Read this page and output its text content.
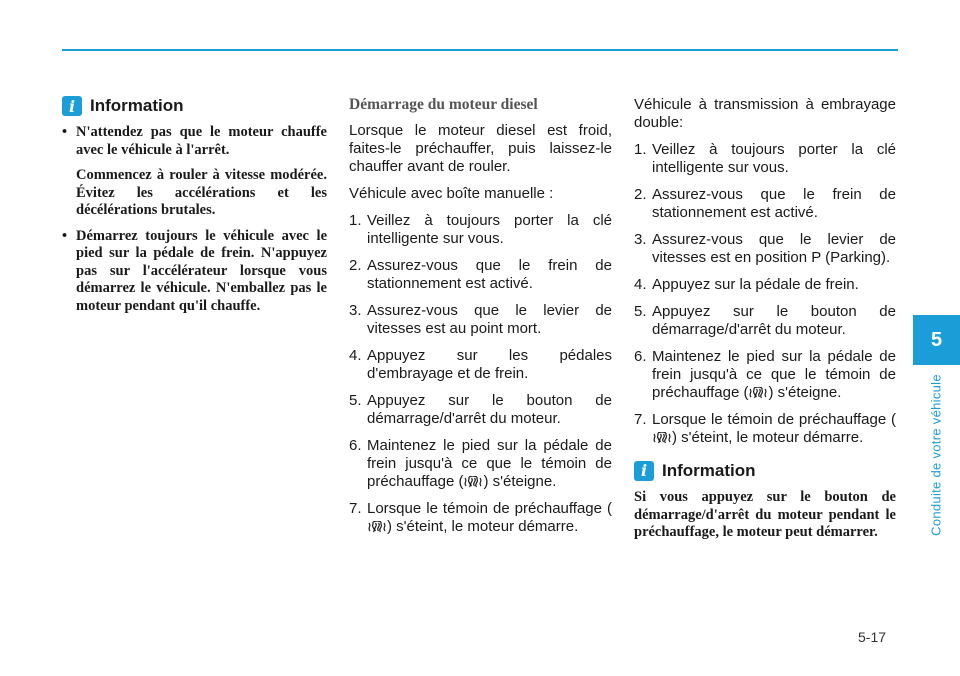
i Information
• N'attendez pas que le moteur chauffe avec le véhicule à l'arrêt.

Commencez à rouler à vitesse modérée. Évitez les accélérations et les décélérations brutales.

• Démarrez toujours le véhicule avec le pied sur la pédale de frein. N'appuyez pas sur l'accélérateur lorsque vous démarrez le véhicule. N'emballez pas le moteur pendant qu'il chauffe.

Démarrage du moteur diesel

Lorsque le moteur diesel est froid, faites-le préchauffer, puis laissez-le chauffer avant de rouler.

Véhicule avec boîte manuelle :

1. Veillez à toujours porter la clé intelligente sur vous.
2. Assurez-vous que le frein de stationnement est activé.
3. Assurez-vous que le levier de vitesses est au point mort.
4. Appuyez sur les pédales d'embrayage et de frein.
5. Appuyez sur le bouton de démarrage/d'arrêt du moteur.
6. Maintenez le pied sur la pédale de frein jusqu'à ce que le témoin de préchauffage ( ) s'éteigne.
7. Lorsque le témoin de préchauffage () s'éteint, le moteur démarre.

Véhicule à transmission à embrayage double:

1. Veillez à toujours porter la clé intelligente sur vous.
2. Assurez-vous que le frein de stationnement est activé.
3. Assurez-vous que le levier de vitesses est en position P (Parking).
4. Appuyez sur la pédale de frein.
5. Appuyez sur le bouton de démarrage/d'arrêt du moteur.
6. Maintenez le pied sur la pédale de frein jusqu'à ce que le témoin de préchauffage ( ) s'éteigne.
7. Lorsque le témoin de préchauffage () s'éteint, le moteur démarre.
i Information

Si vous appuyez sur le bouton de démarrage/d'arrêt du moteur pendant le préchauffage, le moteur peut démarrer.

5
Conduite de votre véhicule
5-17
